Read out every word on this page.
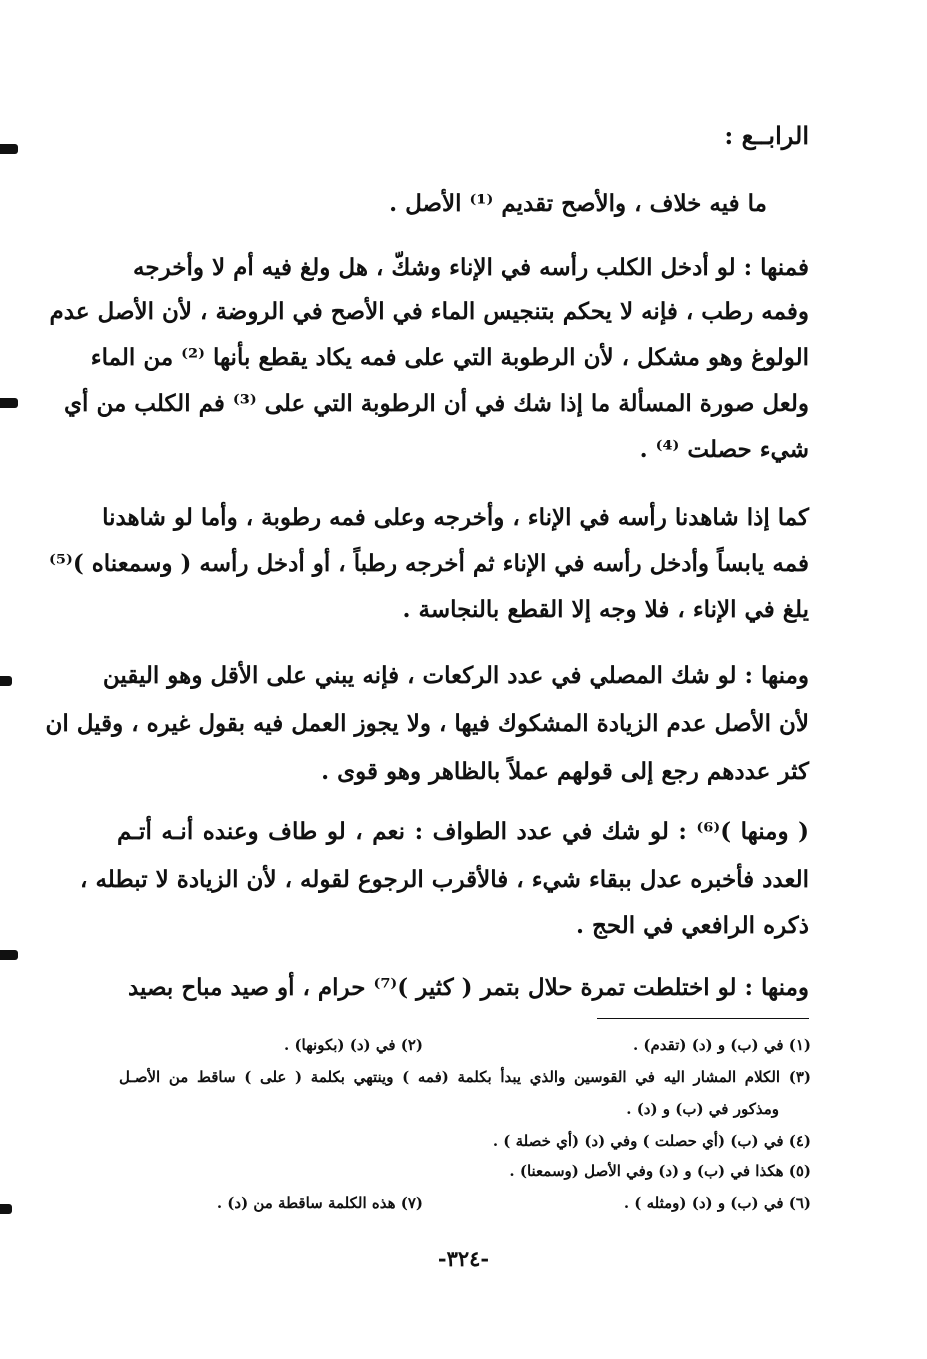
الرابــع :
ما فيه خلاف ، والأصح تقديم ⁽¹⁾ الأصل .
فمنها : لو أدخل الكلب رأسه في الإناء وشكّ ، هل ولغ فيه أم لا وأخرجه
وفمه رطب ، فإنه لا يحكم بتنجيس الماء في الأصح في الروضة ، لأن الأصل عدم
الولوغ وهو مشكل ، لأن الرطوبة التي على فمه يكاد يقطع بأنها ⁽²⁾ من الماء
ولعل صورة المسألة ما إذا شك في أن الرطوبة التي على ⁽³⁾ فم الكلب من أي
شيء حصلت ⁽⁴⁾ .
كما إذا شاهدنا رأسه في الإناء ، وأخرجه وعلى فمه رطوبة ، وأما لو شاهدنا
فمه يابساً وأدخل رأسه في الإناء ثم أخرجه رطباً ، أو أدخل رأسه ( وسمعناه )⁽⁵⁾
يلغ في الإناء ، فلا وجه إلا القطع بالنجاسة .
ومنها : لو شك المصلي في عدد الركعات ، فإنه يبني على الأقل وهو اليقين
لأن الأصل عدم الزيادة المشكوك فيها ، ولا يجوز العمل فيه بقول غيره ، وقيل ان
كثر عددهم رجع إلى قولهم عملاً بالظاهر وهو قوى .
( ومنها )⁽⁶⁾ : لو شك في عدد الطواف : نعم ، لو طاف وعنده أنـه أتـم
العدد فأخبره عدل ببقاء شيء ، فالأقرب الرجوع لقوله ، لأن الزيادة لا تبطله ،
ذكره الرافعي في الحج .
ومنها : لو اختلطت تمرة حلال بتمر ( كثير )⁽⁷⁾ حرام ، أو صيد مباح بصيد
(١) في (ب) و (د) (تقدم) .
(٢) في (د) (بكونها) .
(٣) الكلام المشار اليه في القوسين والذي يبدأ بكلمة (فمه ) وينتهي بكلمة ( على ) ساقط من الأصـل
ومذكور في (ب) و (د) .
(٤) في (ب) (أي حصلت ) وفي (د) (أي خصلة ) .
(٥) هكذا في (ب) و (د) وفي الأصل (وسمعنا) .
(٦) في (ب) و (د) (ومثله ) .
(٧) هذه الكلمة ساقطة من (د) .
-٣٢٤-
